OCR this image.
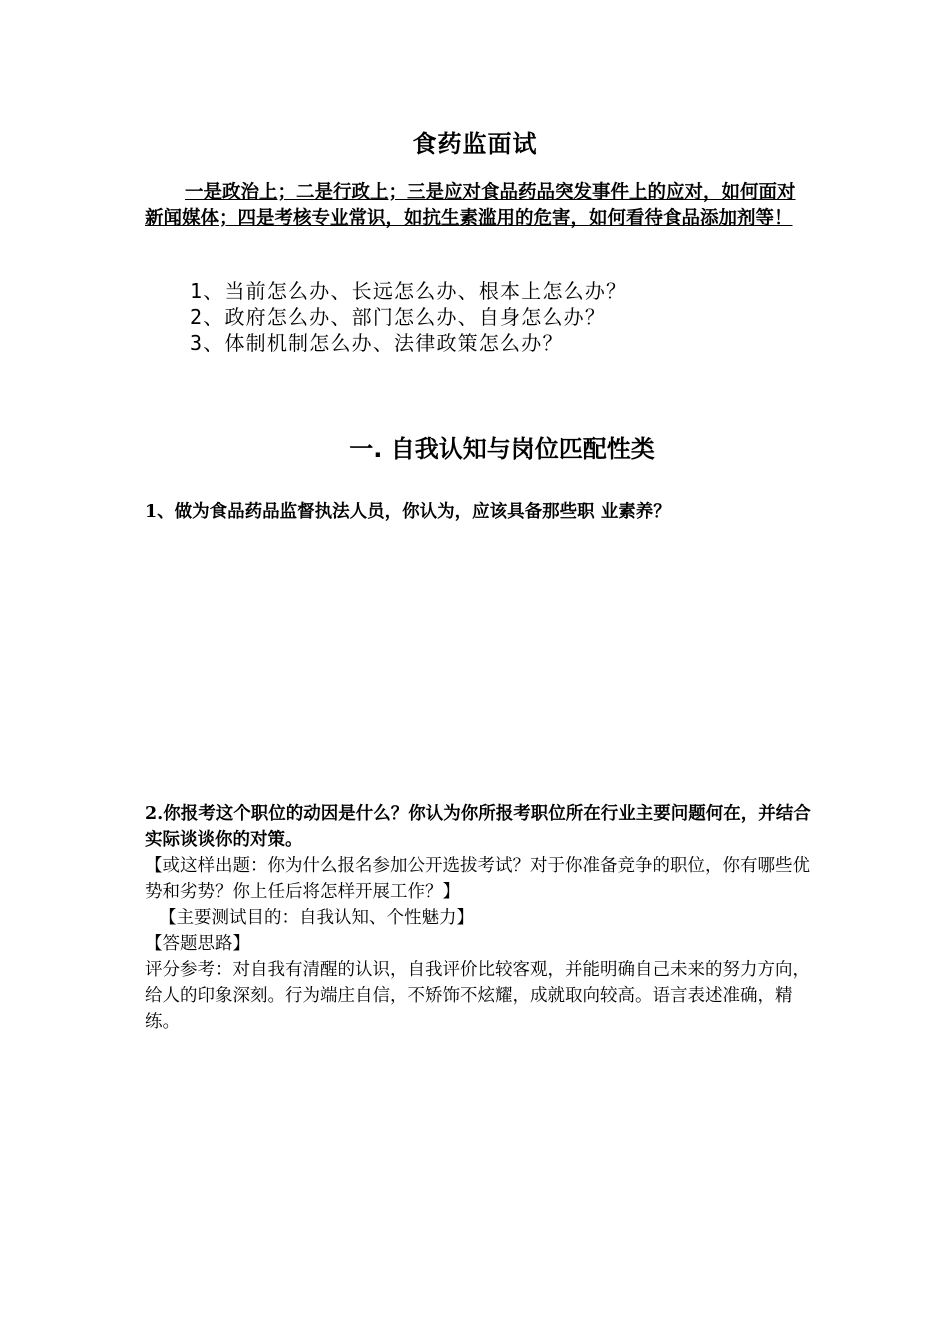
食药监面试
一是政治上；二是行政上；三是应对食品药品突发事件上的应对，如何面对新闻媒体；四是考核专业常识，如抗生素滥用的危害，如何看待食品添加剂等！
1、当前怎么办、长远怎么办、根本上怎么办？
2、政府怎么办、部门怎么办、自身怎么办？
3、体制机制怎么办、法律政策怎么办？
一. 自我认知与岗位匹配性类
1、做为食品药品监督执法人员，你认为，应该具备那些职 业素养？

2.你报考这个职位的动因是什么？你认为你所报考职位所在行业主要问题何在，并结合实际谈谈你的对策。

【或这样出题：你为什么报名参加公开选拔考试？对于你准备竞争的职位，你有哪些优势和劣势？你上任后将怎样开展工作？】

【主要测试目的：自我认知、个性魅力】

【答题思路】

评分参考：对自我有清醒的认识，自我评价比较客观，并能明确自己未来的努力方向，给人的印象深刻。行为端庄自信，不矫饰不炫耀，成就取向较高。语言表述准确，精练。
